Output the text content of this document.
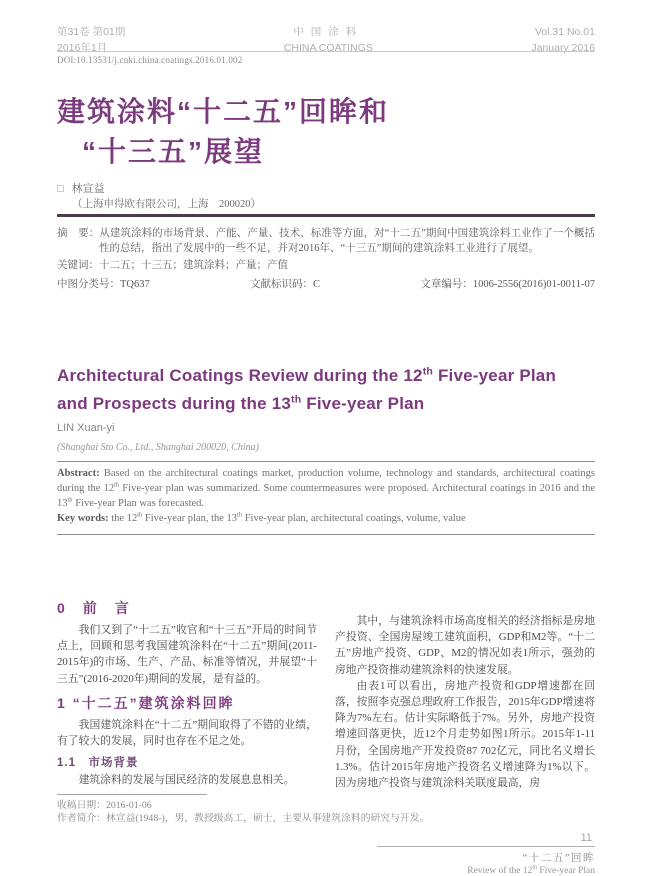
第31卷 第01期
2016年1月
中国涂料
CHINA COATINGS
Vol.31 No.01
January 2016
DOI:10.13531/j.cnki.china.coatings.2016.01.002
建筑涂料“十二五”回眸和
“十三五”展望
□ 林宣益
（上海申得欧有限公司，上海　200020）
摘　要：从建筑涂料的市场背景、产能、产量、技术、标准等方面，对“十二五”期间中国建筑涂料工业作了一个概括性的总结，指出了发展中的一些不足，并对2016年、“十三五”期间的建筑涂料工业进行了展望。
关键词：十二五；十三五；建筑涂料；产量；产值
中图分类号：TQ637	文献标识码：C	文章编号：1006-2556(2016)01-0011-07
Architectural Coatings Review during the 12th Five-year Plan
and Prospects during the 13th Five-year Plan
LIN Xuan-yi
(Shanghai Sto Co., Ltd., Shanghai 200020, China)

Abstract: Based on the architectural coatings market, production volume, technology and standards, architectural coatings during the 12th Five-year plan was summarized. Some countermeasures were proposed. Architectural coatings in 2016 and the 13th Five-year Plan was forecasted.

Key words: the 12th Five-year plan, the 13th Five-year plan, architectural coatings, volume, value

0　前　言

我们又到了“十二五”收官和“十三五”开局的时间节点上，回顾和思考我国建筑涂料在“十二五”期间(2011-2015年)的市场、生产、产品、标准等情况，并展望“十三五”(2016-2020年)期间的发展，是有益的。

1 “十二五”建筑涂料回眸

我国建筑涂料在“十二五”期间取得了不错的业绩，有了较大的发展，同时也存在不足之处。

1.1　市场背景

建筑涂料的发展与国民经济的发展息息相关。

其中，与建筑涂料市场高度相关的经济指标是房地产投资、全国房屋竣工建筑面积，GDP和M2等。“十二五”房地产投资、GDP、M2的情况如表1所示，强劲的房地产投资推动建筑涂料的快速发展。

由表1可以看出，房地产投资和GDP增速都在回落，按照李克强总理政府工作报告，2015年GDP增速将降为7%左右。估计实际略低于7%。另外，房地产投资增速回落更快，近12个月走势如图1所示。2015年1-11月份，全国房地产开发投资87 702亿元，同比名义增长1.3%。估计2015年房地产投资名义增速降为1%以下。因为房地产投资与建筑涂料关联度最高，房

收稿日期：2016-01-06
作者简介：林宣益(1948-)，男，教授级高工，硕士，主要从事建筑涂料的研究与开发。
11
“十二五”回眸
Review of the 12th Five-year Plan
